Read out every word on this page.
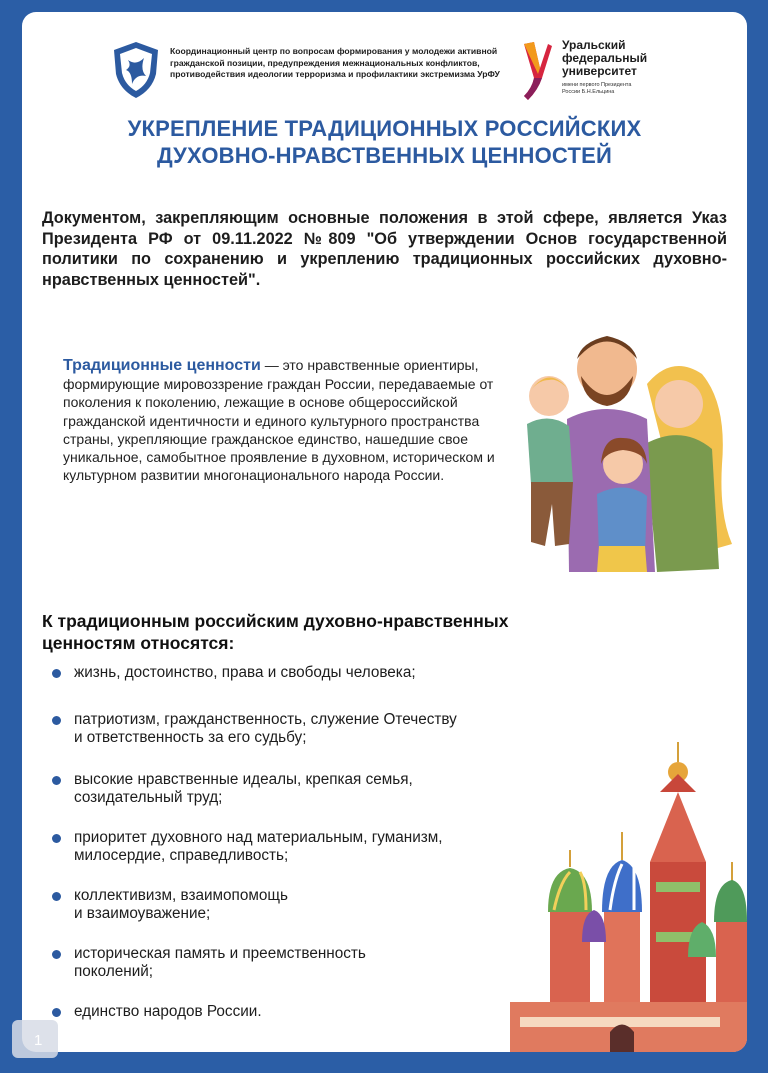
Координационный центр по вопросам формирования у молодежи активной
гражданской позиции, предупреждения межнациональных конфликтов,
противодействия идеологии терроризма и профилактики экстремизма УрФУ
Уральский
федеральный
университет
имени первого Президента
России Б.Н.Ельцина
УКРЕПЛЕНИЕ ТРАДИЦИОННЫХ РОССИЙСКИХ
ДУХОВНО-НРАВСТВЕННЫХ ЦЕННОСТЕЙ
Документом, закрепляющим основные положения в этой сфере, является Указ Президента РФ от 09.11.2022 №809 "Об утверждении Основ государственной политики по сохранению и укреплению традиционных российских духовно-нравственных ценностей".
Традиционные ценности — это нравственные ориентиры, формирующие мировоззрение граждан России, передаваемые от поколения к поколению, лежащие в основе общероссийской гражданской идентичности и единого культурного пространства страны, укрепляющие гражданское единство, нашедшие свое уникальное, самобытное проявление в духовном, историческом и культурном развитии многонационального народа России.
К традиционным российским духовно-нравственных
ценностям относятся:
жизнь, достоинство, права и свободы человека;
патриотизм, гражданственность, служение Отечеству
и ответственность за его судьбу;
высокие нравственные идеалы, крепкая семья,
созидательный труд;
приоритет духовного над материальным, гуманизм,
милосердие, справедливость;
коллективизм, взаимопомощь
и взаимоуважение;
историческая память и преемственность
поколений;
единство народов России.
1
